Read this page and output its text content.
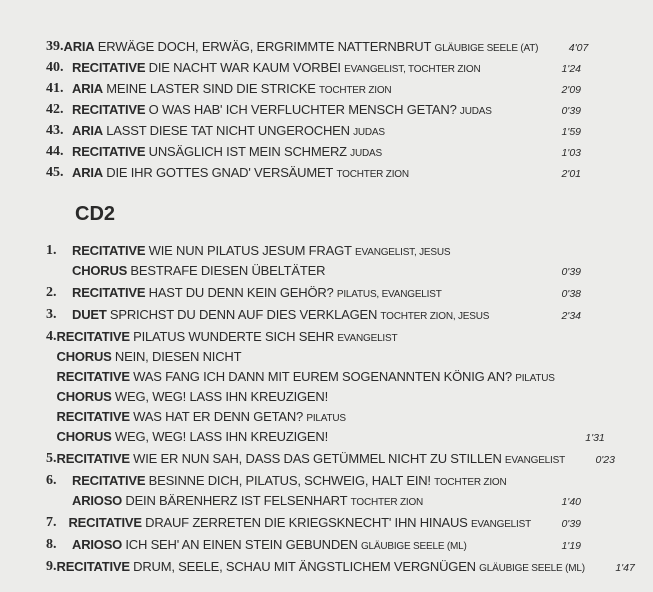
39. ARIA ERWÄGE DOCH, ERWÄG, ERGRIMMTE NATTERNBRUT GLÄUBIGE SEELE (AT)	4'07
40. RECITATIVE DIE NACHT WAR KAUM VORBEI EVANGELIST, TOCHTER ZION	1'24
41. ARIA MEINE LASTER SIND DIE STRICKE TOCHTER ZION	2'09
42. RECITATIVE O WAS HAB' ICH VERFLUCHTER MENSCH GETAN? JUDAS	0'39
43. ARIA LASST DIESE TAT NICHT UNGEROCHEN JUDAS	1'59
44. RECITATIVE UNSÄGLICH IST MEIN SCHMERZ JUDAS	1'03
45. ARIA DIE IHR GOTTES GNAD' VERSÄUMET TOCHTER ZION	2'01
CD2
1.	RECITATIVE WIE NUN PILATUS JESUM FRAGT EVANGELIST, JESUS
CHORUS BESTRAFE DIESEN ÜBELTÄTER	0'39
2.	RECITATIVE HAST DU DENN KEIN GEHÖR? PILATUS, EVANGELIST	0'38
3.	DUET SPRICHST DU DENN AUF DIES VERKLAGEN TOCHTER ZION, JESUS	2'34
4. RECITATIVE PILATUS WUNDERTE SICH SEHR EVANGELIST
CHORUS NEIN, DIESEN NICHT
RECITATIVE WAS FANG ICH DANN MIT EUREM SOGENANNTEN KÖNIG AN? PILATUS
CHORUS WEG, WEG! LASS IHN KREUZIGEN!
RECITATIVE WAS HAT ER DENN GETAN? PILATUS
CHORUS WEG, WEG! LASS IHN KREUZIGEN!	1'31
5. RECITATIVE WIE ER NUN SAH, DASS DAS GETÜMMEL NICHT ZU STILLEN EVANGELIST	0'23
6.	RECITATIVE BESINNE DICH, PILATUS, SCHWEIG, HALT EIN! TOCHTER ZION
ARIOSO DEIN BÄRENHERZ IST FELSENHART TOCHTER ZION	1'40
7. RECITATIVE DRAUF ZERRETEN DIE KRIEGSKNECHT' IHN HINAUS EVANGELIST	0'39
8.	ARIOSO ICH SEH' AN EINEN STEIN GEBUNDEN GLÄUBIGE SEELE (ML)	1'19
9. RECITATIVE DRUM, SEELE, SCHAU MIT ÄNGSTLICHEM VERGNÜGEN GLÄUBIGE SEELE (ML)	1'47
